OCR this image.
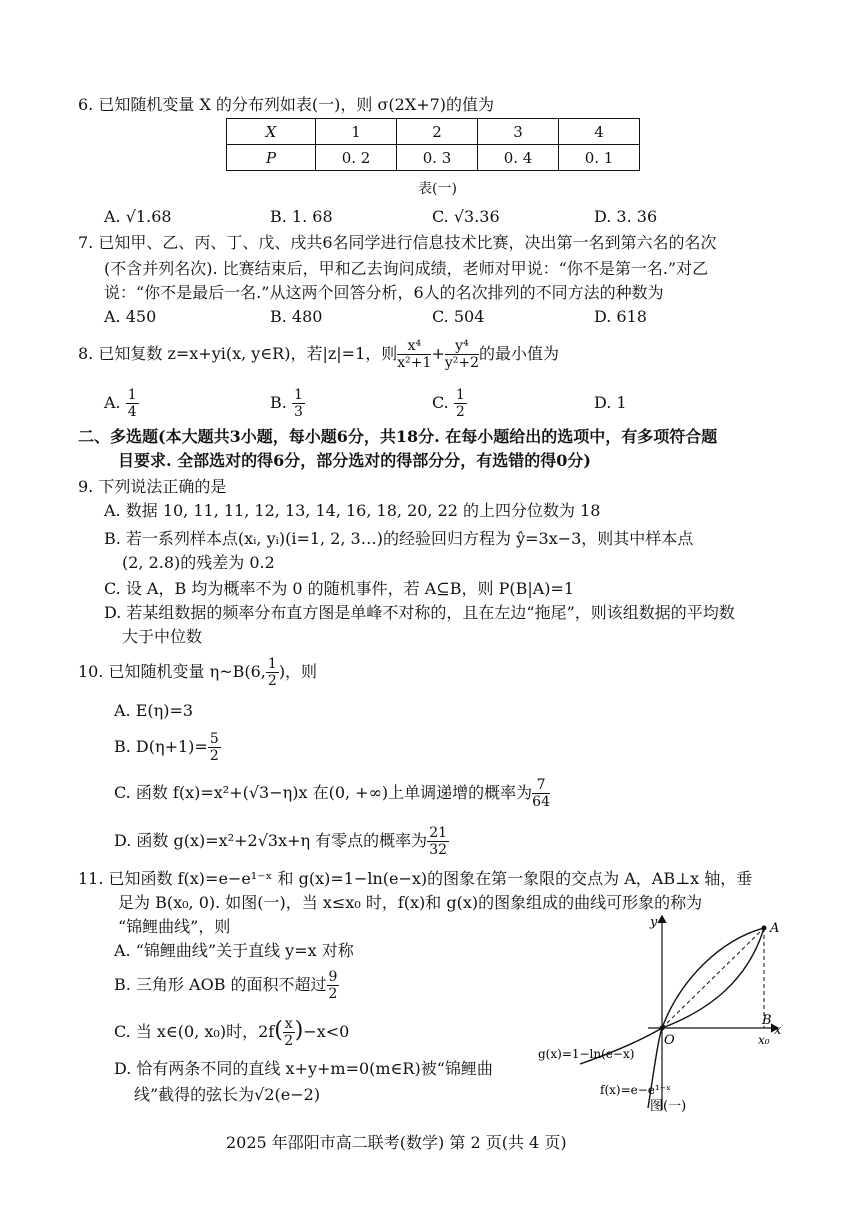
6. 已知随机变量 X 的分布列如表(一)，则 σ(2X+7)的值为
X	1	2	3	4
P	0. 2	0. 3	0. 4	0. 1
表(一)
A. √1.68	B. 1. 68	C. √3.36	D. 3. 36
7. 已知甲、乙、丙、丁、戊、戌共6名同学进行信息技术比赛，决出第一名到第六名的名次
(不含并列名次). 比赛结束后，甲和乙去询问成绩，老师对甲说：“你不是第一名.”对乙
说：“你不是最后一名.”从这两个回答分析，6人的名次排列的不同方法的种数为
A. 450	B. 480	C. 504	D. 618
8. 已知复数 z=x+yi(x, y∈R)，若|z|=1，则 $\frac{\text{x⁴}}{\text{x²+1}} + \frac{\text{y⁴}}{\text{y²+2}}$ 的最小值为
A. $\frac{1}{4}$	B. $\frac{1}{3}$	C. $\frac{1}{2}$	D. 1
二、多选题(本大题共3小题，每小题6分，共18分. 在每小题给出的选项中，有多项符合题
目要求. 全部选对的得6分，部分选对的得部分分，有选错的得0分)
9. 下列说法正确的是
A. 数据 10, 11, 11, 12, 13, 14, 16, 18, 20, 22 的上四分位数为 18
B. 若一系列样本点(xᵢ, yᵢ)(i=1, 2, 3…)的经验回归方程为 ŷ=3x−3，则其中样本点
(2, 2.8)的残差为 0.2
C. 设 A，B 均为概率不为 0 的随机事件，若 A⊆B，则 P(B|A)=1
D. 若某组数据的频率分布直方图是单峰不对称的，且在左边“拖尾”，则该组数据的平均数
大于中位数
10. 已知随机变量 η~B(6, $\frac{1}{2}$ )，则
A. E(η)=3
B. $D(\eta+1)= \frac{5}{2}$
C. 函数 f(x)=x²+(√3−η)x 在(0, +∞)上单调递增的概率为 $\frac{7}{64}$
D. 函数 g(x)=x²+2√3x+η 有零点的概率为 $\frac{21}{32}$
11. 已知函数 f(x)=e−e¹⁻ˣ 和 g(x)=1−ln(e−x)的图象在第一象限的交点为 A，AB⊥x 轴，垂
足为 B(x₀, 0). 如图(一)，当 x≤x₀ 时，f(x)和 g(x)的图象组成的曲线可形象的称为
“锦鲤曲线”，则
A. “锦鲤曲线”关于直线 y=x 对称
B. 三角形 AOB 的面积不超过 $\frac{9}{2}$
C. 当 x∈(0, x₀)时，$2f( \frac{x}{2} )-x<0$
D. 恰有两条不同的直线 x+y+m=0(m∈R)被“锦鲤曲
线”截得的弦长为√2(e−2)
y
x
A
B
O	x₀
g(x)=1−ln(e−x)
f(x)=e−e¹⁻ˣ
图(一)
2025 年邵阳市高二联考(数学) 第 2 页(共 4 页)
